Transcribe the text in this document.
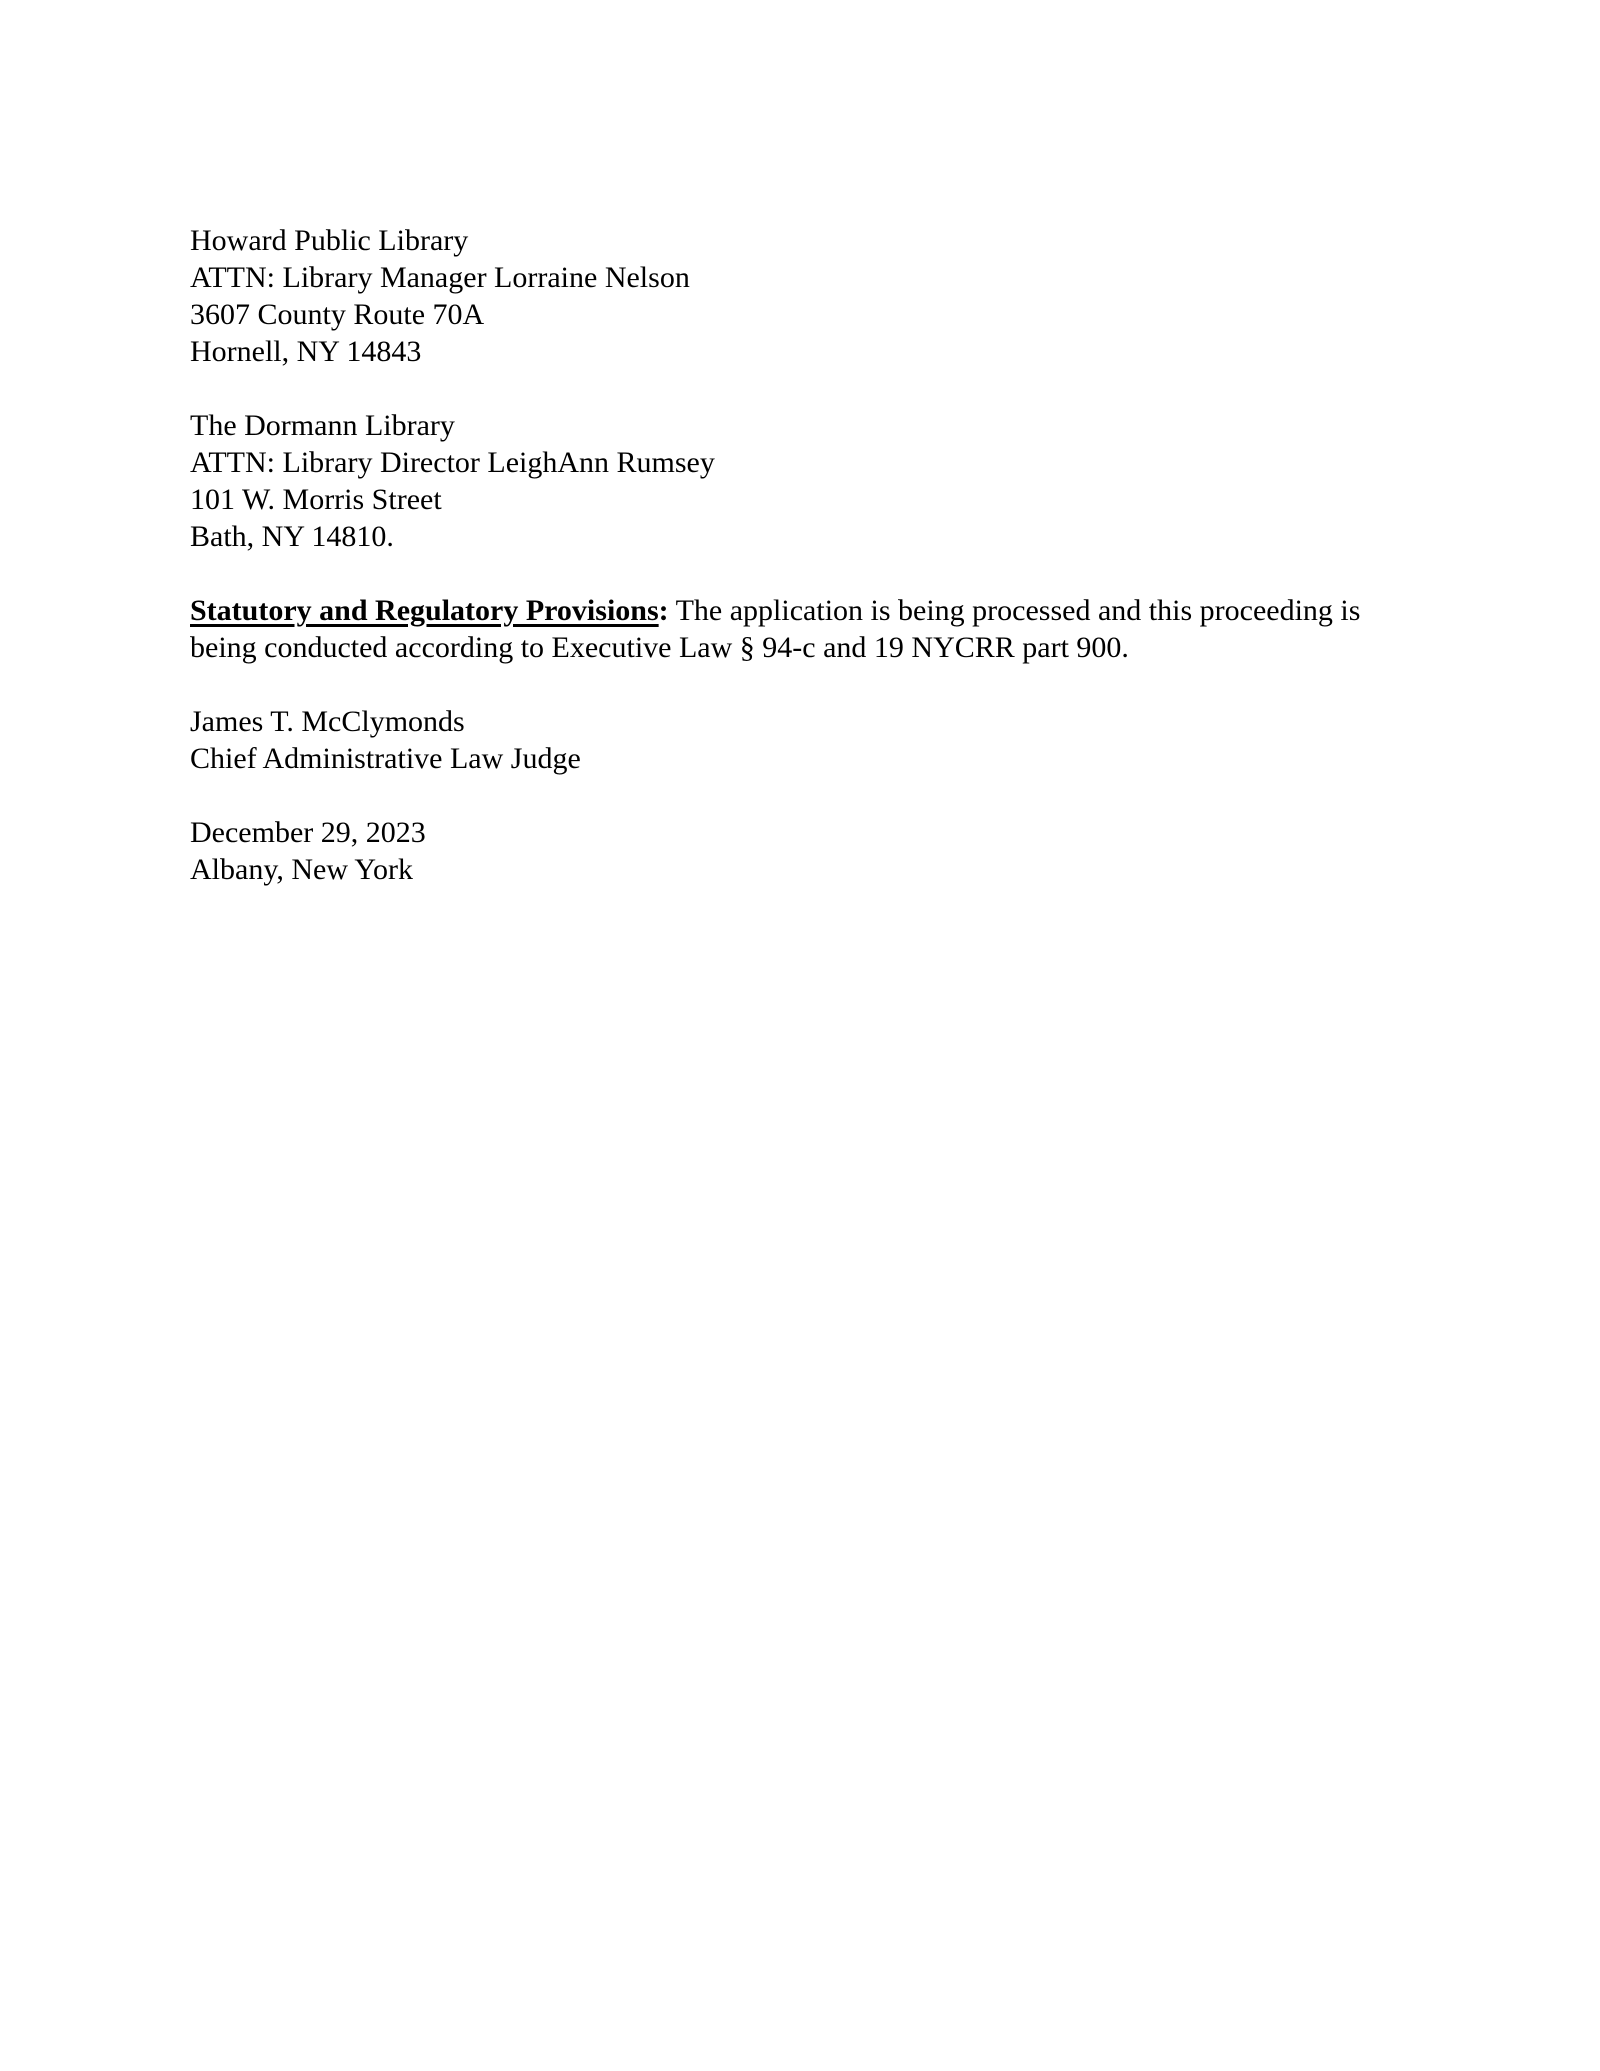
Howard Public Library

ATTN: Library Manager Lorraine Nelson

3607 County Route 70A

Hornell, NY 14843

The Dormann Library

ATTN: Library Director LeighAnn Rumsey

101 W. Morris Street

Bath, NY 14810.

Statutory and Regulatory Provisions: The application is being processed and this proceeding is being conducted according to Executive Law § 94-c and 19 NYCRR part 900.

James T. McClymonds

Chief Administrative Law Judge

December 29, 2023

Albany, New York
